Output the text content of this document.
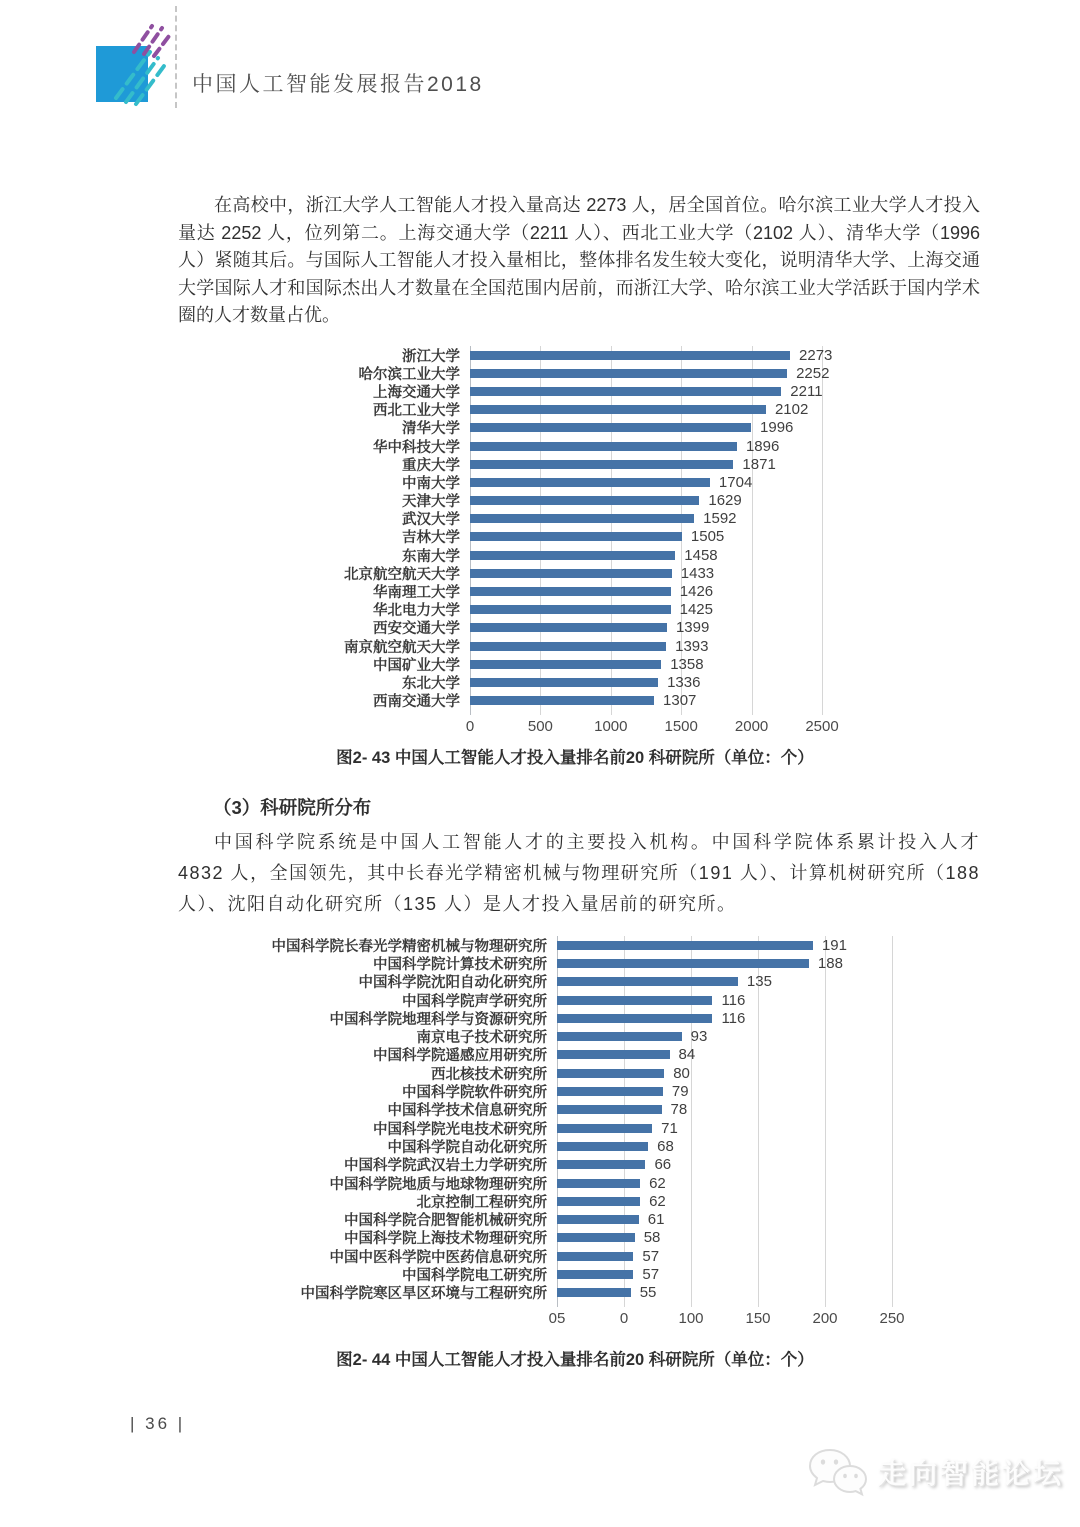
中国人工智能发展报告2018
在高校中，浙江大学人工智能人才投入量高达 2273 人，居全国首位。哈尔滨工业大学人才投入量达 2252 人，位列第二。上海交通大学（2211 人）、西北工业大学（2102 人）、清华大学（1996 人）紧随其后。与国际人工智能人才投入量相比，整体排名发生较大变化，说明清华大学、上海交通大学国际人才和国际杰出人才数量在全国范围内居前，而浙江大学、哈尔滨工业大学活跃于国内学术圈的人才数量占优。
浙江大学	2273
哈尔滨工业大学	2252
上海交通大学	2211
西北工业大学	2102
清华大学	1996
华中科技大学	1896
重庆大学	1871
中南大学	1704
天津大学	1629
武汉大学	1592
吉林大学	1505
东南大学	1458
北京航空航天大学	1433
华南理工大学	1426
华北电力大学	1425
西安交通大学	1399
南京航空航天大学	1393
中国矿业大学	1358
东北大学	1336
西南交通大学	1307
0	500	1000 1500 2000 2500
图2- 43 中国人工智能人才投入量排名前20 科研院所（单位：个）
（3）科研院所分布
中国科学院系统是中国人工智能人才的主要投入机构。中国科学院体系累计投入人才 4832 人，全国领先，其中长春光学精密机械与物理研究所（191 人）、计算机树研究所（188 人）、沈阳自动化研究所（135 人）是人才投入量居前的研究所。
中国科学院长春光学精密机械与物理研究所	191
中国科学院计算技术研究所	188
中国科学院沈阳自动化研究所	135
中国科学院声学研究所	116
中国科学院地理科学与资源研究所	116
南京电子技术研究所	93
中国科学院遥感应用研究所	84
西北核技术研究所	80
中国科学院软件研究所	79
中国科学技术信息研究所	78
中国科学院光电技术研究所	71
中国科学院自动化研究所	68
中国科学院武汉岩土力学研究所	66
中国科学院地质与地球物理研究所	62
北京控制工程研究所	62
中国科学院合肥智能机械研究所	61
中国科学院上海技术物理研究所	58
中国中医科学院中医药信息研究所	57
中国科学院电工研究所	57
中国科学院寒区旱区环境与工程研究所	55
05	0	100	150	200	250
图2- 44 中国人工智能人才投入量排名前20 科研院所（单位：个）
| 36 |
走向智能论坛
